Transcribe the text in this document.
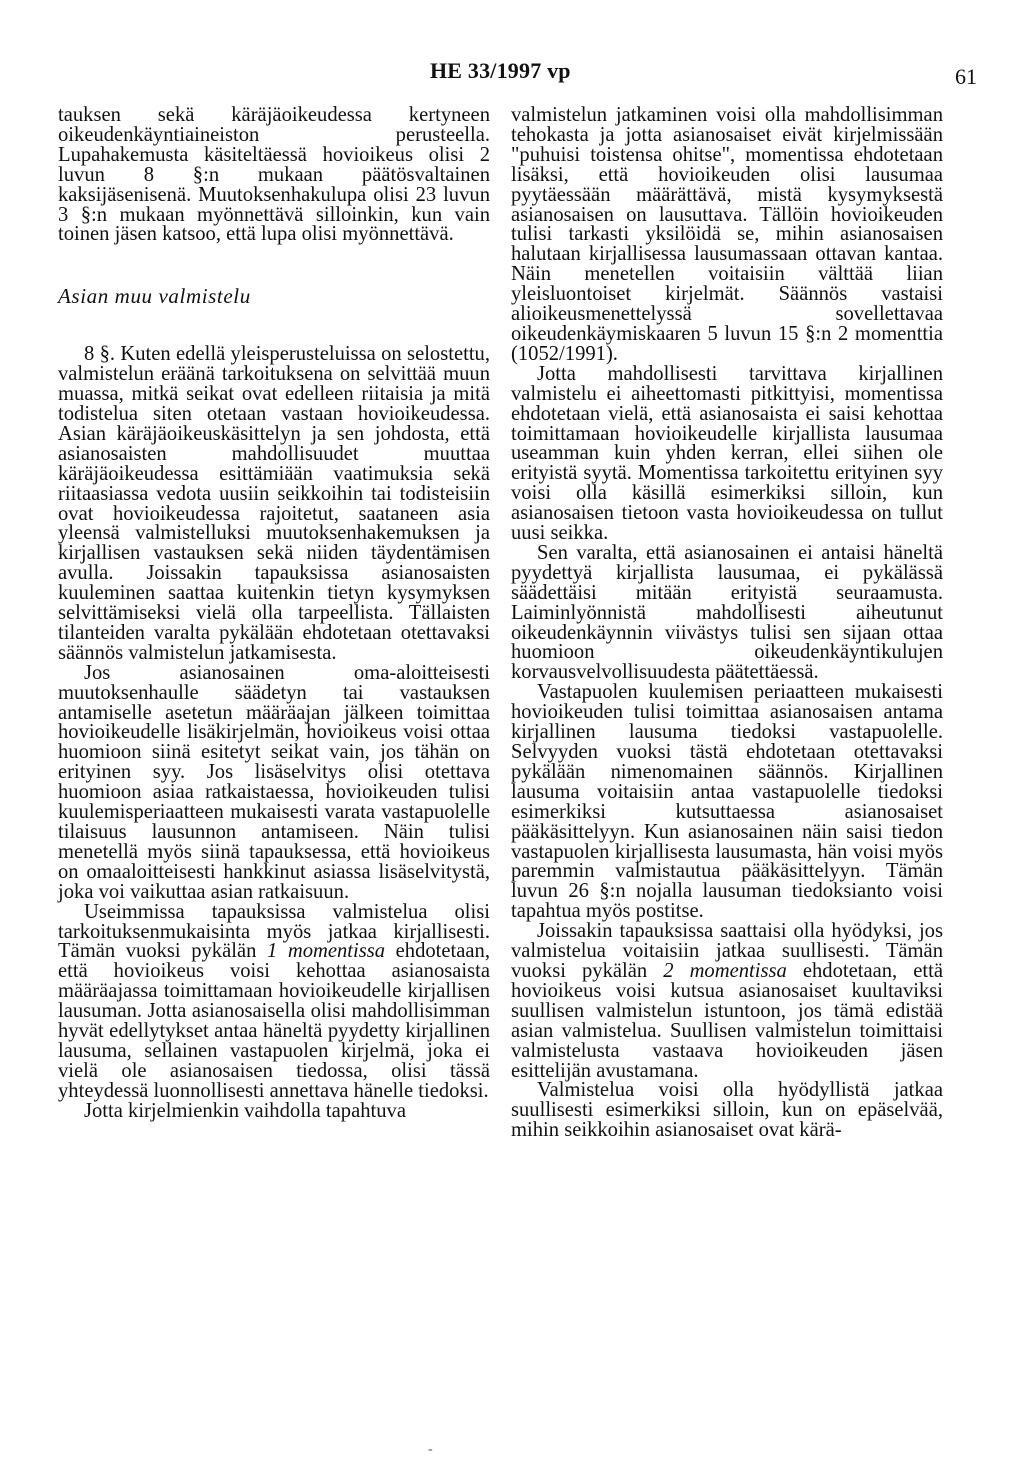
HE 33/1997 vp	61

tauksen sekä käräjäoikeudessa kertyneen oikeudenkäyntiaineiston perusteella. Lupahakemusta käsiteltäessä hovioikeus olisi 2 luvun 8 §:n mukaan päätösvaltainen kaksijäsenisenä. Muutoksenhakulupa olisi 23 luvun 3 §:n mukaan myönnettävä silloinkin, kun vain toinen jäsen katsoo, että lupa olisi myönnettävä.

Asian muu valmistelu

8 §. Kuten edellä yleisperusteluissa on selostettu, valmistelun eräänä tarkoituksena on selvittää muun muassa, mitkä seikat ovat edelleen riitaisia ja mitä todistelua siten otetaan vastaan hovioikeudessa. Asian käräjäoikeuskäsittelyn ja sen johdosta, että asianosaisten mahdollisuudet muuttaa käräjäoikeudessa esittämiään vaatimuksia sekä riitaasiassa vedota uusiin seikkoihin tai todisteisiin ovat hovioikeudessa rajoitetut, saataneen asia yleensä valmistelluksi muutoksenhakemuksen ja kirjallisen vastauksen sekä niiden täydentämisen avulla. Joissakin tapauksissa asianosaisten kuuleminen saattaa kuitenkin tietyn kysymyksen selvittämiseksi vielä olla tarpeellista. Tällaisten tilanteiden varalta pykälään ehdotetaan otettavaksi säännös valmistelun jatkamisesta.

Jos asianosainen oma-aloitteisesti muutoksenhaulle säädetyn tai vastauksen antamiselle asetetun määräajan jälkeen toimittaa hovioikeudelle lisäkirjelmän, hovioikeus voisi ottaa huomioon siinä esitetyt seikat vain, jos tähän on erityinen syy. Jos lisäselvitys olisi otettava huomioon asiaa ratkaistaessa, hovioikeuden tulisi kuulemisperiaatteen mukaisesti varata vastapuolelle tilaisuus lausunnon antamiseen. Näin tulisi menetellä myös siinä tapauksessa, että hovioikeus on omaaloitteisesti hankkinut asiassa lisäselvitystä, joka voi vaikuttaa asian ratkaisuun.

Useimmissa tapauksissa valmistelua olisi tarkoituksenmukaisinta myös jatkaa kirjallisesti. Tämän vuoksi pykälän 1 momentissa ehdotetaan, että hovioikeus voisi kehottaa asianosaista määräajassa toimittamaan hovioikeudelle kirjallisen lausuman. Jotta asianosaisella olisi mahdollisimman hyvät edellytykset antaa häneltä pyydetty kirjallinen lausuma, sellainen vastapuolen kirjelmä, joka ei vielä ole asianosaisen tiedossa, olisi tässä yhteydessä luonnollisesti annettava hänelle tiedoksi.

Jotta kirjelmienkin vaihdolla tapahtuva

valmistelun jatkaminen voisi olla mahdollisimman tehokasta ja jotta asianosaiset eivät kirjelmissään "puhuisi toistensa ohitse", momentissa ehdotetaan lisäksi, että hovioikeuden olisi lausumaa pyytäessään määrättävä, mistä kysymyksestä asianosaisen on lausuttava. Tällöin hovioikeuden tulisi tarkasti yksilöidä se, mihin asianosaisen halutaan kirjallisessa lausumassaan ottavan kantaa. Näin menetellen voitaisiin välttää liian yleisluontoiset kirjelmät. Säännös vastaisi alioikeusmenettelyssä sovellettavaa oikeudenkäymiskaaren 5 luvun 15 §:n 2 momenttia (1052/1991).

Jotta mahdollisesti tarvittava kirjallinen valmistelu ei aiheettomasti pitkittyisi, momentissa ehdotetaan vielä, että asianosaista ei saisi kehottaa toimittamaan hovioikeudelle kirjallista lausumaa useamman kuin yhden kerran, ellei siihen ole erityistä syytä. Momentissa tarkoitettu erityinen syy voisi olla käsillä esimerkiksi silloin, kun asianosaisen tietoon vasta hovioikeudessa on tullut uusi seikka.

Sen varalta, että asianosainen ei antaisi häneltä pyydettyä kirjallista lausumaa, ei pykälässä säädettäisi mitään erityistä seuraamusta. Laiminlyönnistä mahdollisesti aiheutunut oikeudenkäynnin viivästys tulisi sen sijaan ottaa huomioon oikeudenkäyntikulujen korvausvelvollisuudesta päätettäessä.

Vastapuolen kuulemisen periaatteen mukaisesti hovioikeuden tulisi toimittaa asianosaisen antama kirjallinen lausuma tiedoksi vastapuolelle. Selvyyden vuoksi tästä ehdotetaan otettavaksi pykälään nimenomainen säännös. Kirjallinen lausuma voitaisiin antaa vastapuolelle tiedoksi esimerkiksi kutsuttaessa asianosaiset pääkäsittelyyn. Kun asianosainen näin saisi tiedon vastapuolen kirjallisesta lausumasta, hän voisi myös paremmin valmistautua pääkäsittelyyn. Tämän luvun 26 §:n nojalla lausuman tiedoksianto voisi tapahtua myös postitse.

Joissakin tapauksissa saattaisi olla hyödyksi, jos valmistelua voitaisiin jatkaa suullisesti. Tämän vuoksi pykälän 2 momentissa ehdotetaan, että hovioikeus voisi kutsua asianosaiset kuultaviksi suullisen valmistelun istuntoon, jos tämä edistää asian valmistelua. Suullisen valmistelun toimittaisi valmistelusta vastaava hovioikeuden jäsen esittelijän avustamana.

Valmistelua voisi olla hyödyllistä jatkaa suullisesti esimerkiksi silloin, kun on epäselvää, mihin seikkoihin asianosaiset ovat kärä-

-
